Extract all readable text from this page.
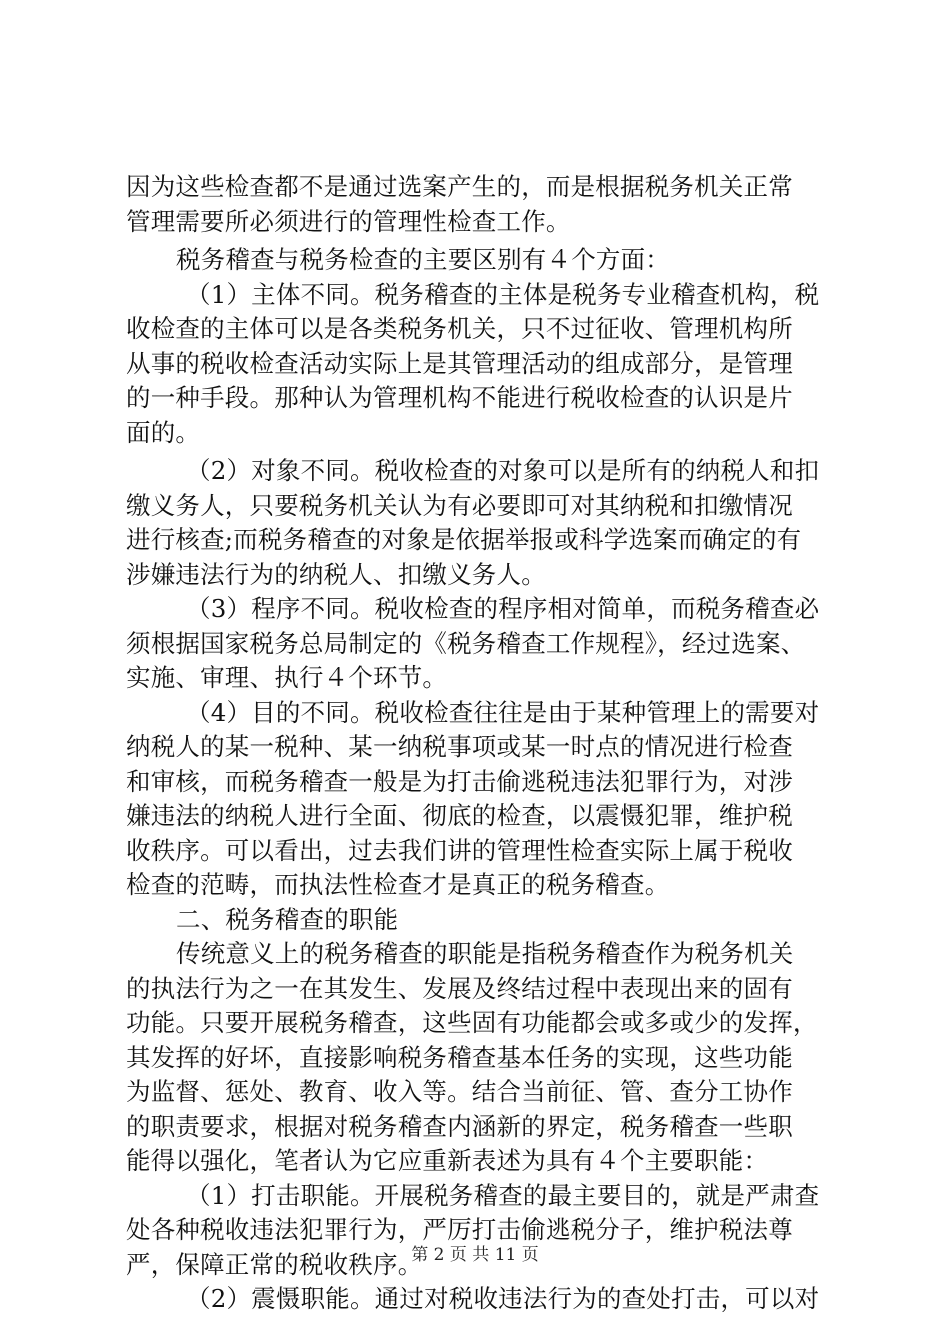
因为这些检查都不是通过选案产生的，而是根据税务机关正常
管理需要所必须进行的管理性检查工作。
税务稽查与税务检查的主要区别有４个方面：
（1）主体不同。税务稽查的主体是税务专业稽查机构，税
收检查的主体可以是各类税务机关，只不过征收、管理机构所
从事的税收检查活动实际上是其管理活动的组成部分，是管理
的一种手段。那种认为管理机构不能进行税收检查的认识是片
面的。
（2）对象不同。税收检查的对象可以是所有的纳税人和扣
缴义务人，只要税务机关认为有必要即可对其纳税和扣缴情况
进行核查;而税务稽查的对象是依据举报或科学选案而确定的有
涉嫌违法行为的纳税人、扣缴义务人。
（3）程序不同。税收检查的程序相对简单，而税务稽查必
须根据国家税务总局制定的《税务稽查工作规程》，经过选案、
实施、审理、执行４个环节。
（4）目的不同。税收检查往往是由于某种管理上的需要对
纳税人的某一税种、某一纳税事项或某一时点的情况进行检查
和审核，而税务稽查一般是为打击偷逃税违法犯罪行为，对涉
嫌违法的纳税人进行全面、彻底的检查，以震慑犯罪，维护税
收秩序。可以看出，过去我们讲的管理性检查实际上属于税收
检查的范畴，而执法性检查才是真正的税务稽查。
二、税务稽查的职能
传统意义上的税务稽查的职能是指税务稽查作为税务机关
的执法行为之一在其发生、发展及终结过程中表现出来的固有
功能。只要开展税务稽查，这些固有功能都会或多或少的发挥，
其发挥的好坏，直接影响税务稽查基本任务的实现，这些功能
为监督、惩处、教育、收入等。结合当前征、管、查分工协作
的职责要求，根据对税务稽查内涵新的界定，税务稽查一些职
能得以强化，笔者认为它应重新表述为具有４个主要职能：
（1）打击职能。开展税务稽查的最主要目的，就是严肃查
处各种税收违法犯罪行为，严厉打击偷逃税分子，维护税法尊
严，保障正常的税收秩序。
（2）震慑职能。通过对税收违法行为的查处打击，可以对
第 2 页 共 11 页
